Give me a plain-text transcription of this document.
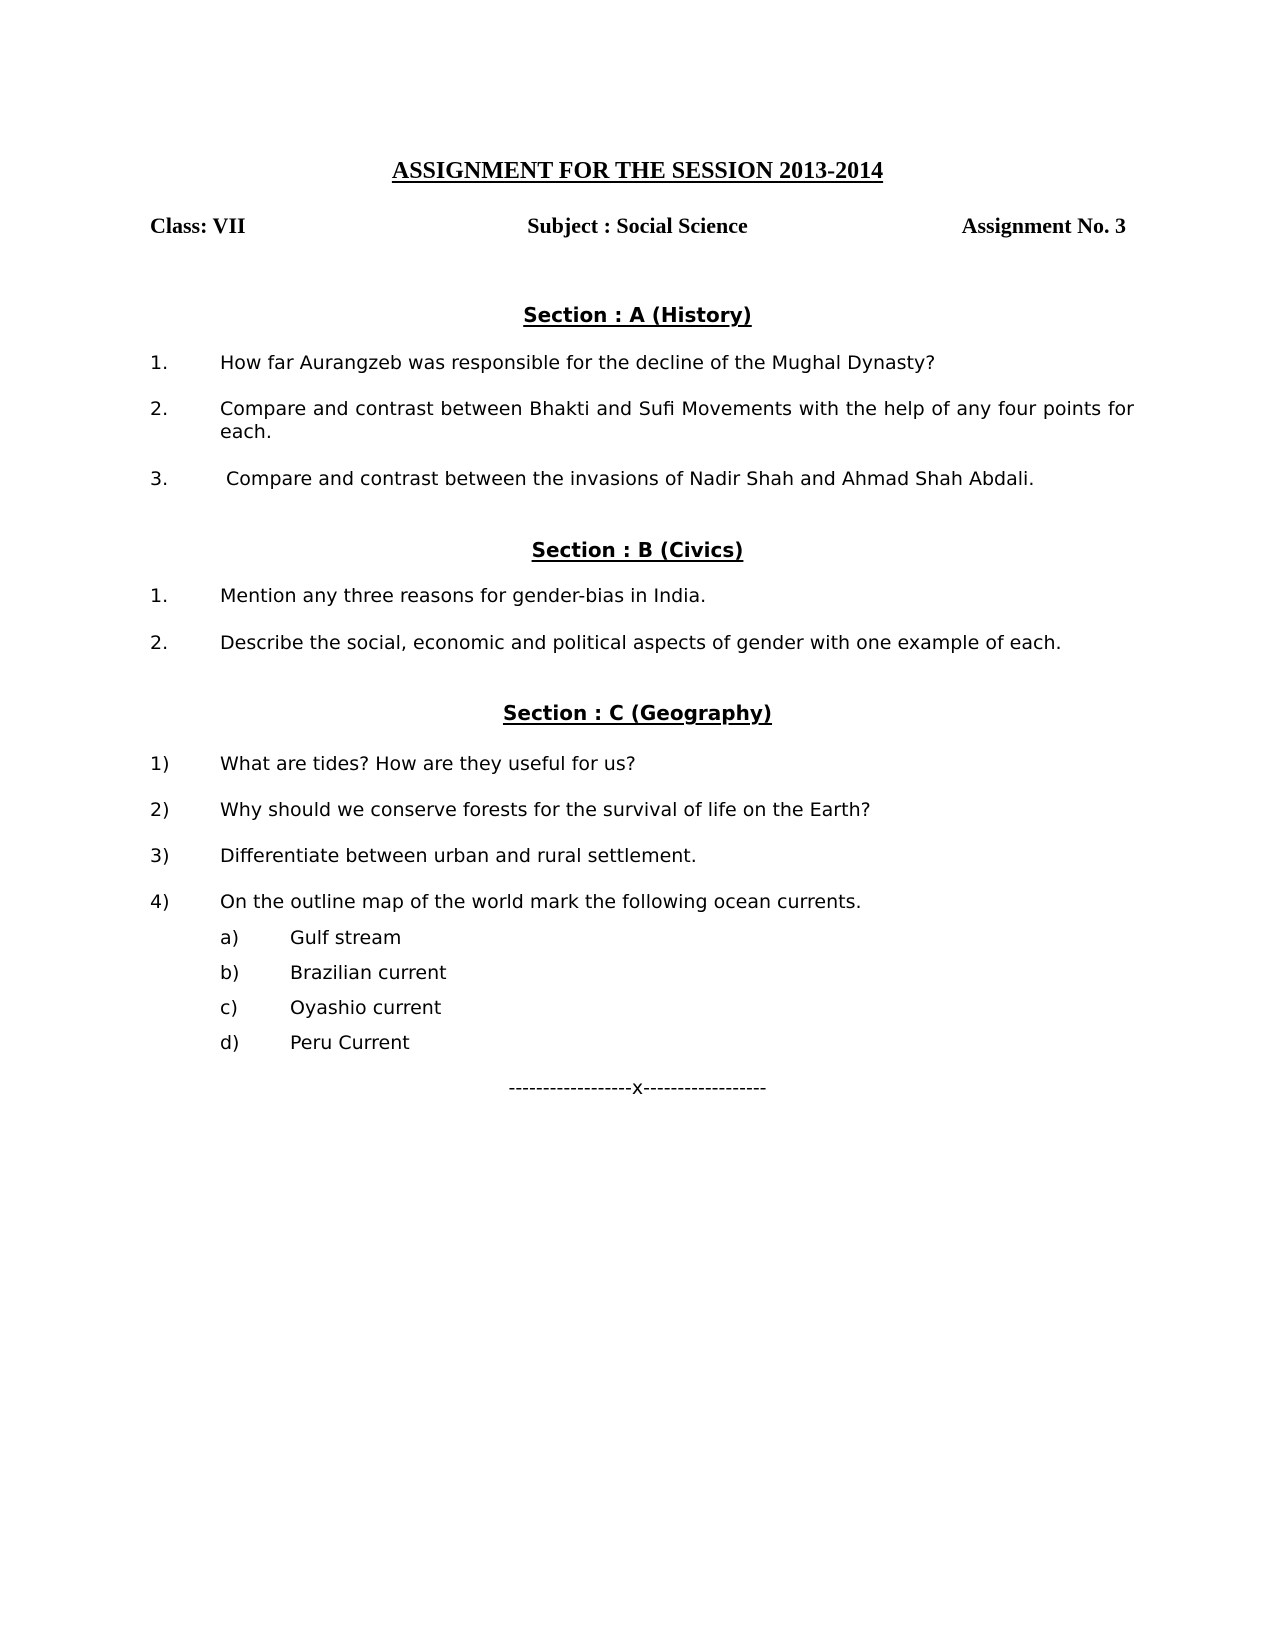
ASSIGNMENT FOR THE SESSION 2013-2014
Class: VII	Subject : Social Science	Assignment No. 3
Section : A (History)
1.	How far Aurangzeb was responsible for the decline of the Mughal Dynasty?
2.	Compare and contrast between Bhakti and Sufi Movements with the help of any four points for each.
3.	Compare and contrast between the invasions of Nadir Shah and Ahmad Shah Abdali.
Section : B (Civics)
1.	Mention any three reasons for gender-bias in India.
2.	Describe the social, economic and political aspects of gender with one example of each.
Section : C (Geography)
1)	What are tides? How are they useful for us?
2)	Why should we conserve forests for the survival of life on the Earth?
3)	Differentiate between urban and rural settlement.
4)	On the outline map of the world mark the following ocean currents.
a)	Gulf stream
b)	Brazilian current
c)	Oyashio current
d)	Peru Current
------------------x------------------
